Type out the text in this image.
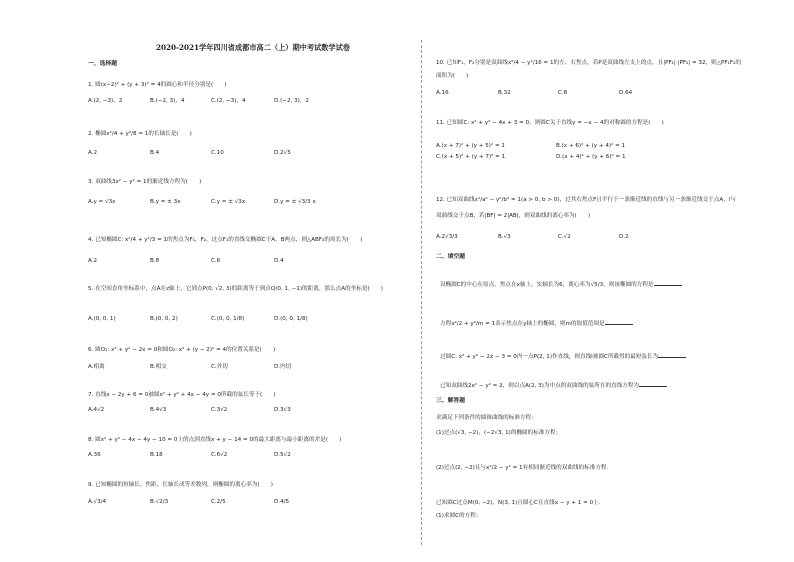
2020-2021学年四川省成都市高二（上）期中考试数学试卷
一、选择题
1. 圆(x−2)² + (y + 3)² = 4的圆心和半径分别是(　　)
A.(2, −3)，2	B.(−2, 3)，4	C.(2, −3)，4	D.(−2, 3)，2
2. 椭圆x²/4 + y²/8 = 1的长轴长是(　　)
A.2	B.4	C.10	D.2√5
3. 双曲线3x² − y² = 1的渐近线方程为(　　)
A.y = √3x	B.y = ± 3x	C.y = ± √3x	D.y = ± √3/3 x
4. 已知椭圆C: x²/4 + y²/3 = 1的焦点为F₁，F₂，过点F₁的直线交椭圆C于A，B两点，则△ABF₂的周长为(　　)
A.2	B.8	C.6	D.4
5. 在空间直角坐标系中，点A在z轴上，它到点P(0, √2, 3)的距离等于到点Q(0, 1, −1)的距离，那么点A的坐标是(　　)
A.(0, 0, 1)	B.(0, 0, 2)	C.(0, 0, 1/8)	D.(0, 0, 1/8)
6. 圆O₁: x² + y² − 2x = 0和圆O₂: x² + (y − 2)² = 4的位置关系是(　　)
A.相离	B.相交	C.外切	D.内切
7. 直线x − 2y + 6 = 0被圆x² + y² + 4x − 4y = 0所截的弦长等于(　　)
A.4√2	B.4√3	C.3√2	D.3√3
8. 圆x² + y² − 4x − 4y − 10 = 0上的点到直线x + y − 14 = 0的最大距离与最小距离的差是(　　)
A.36	B.18	C.6√2	D.5√2
9. 已知椭圆的短轴长、焦距、长轴长成等差数列，则椭圆的离心率为(　　)
A.√3/4	B.√2/3	C.2/5	D.4/5
10. 已知F₁，F₂分别是双曲线x²/4 − y²/16 = 1的左、右焦点，若P是双曲线左支上的点，且|PF₁|·|PF₂| = 32，则△PF₁F₂的
面积为(　　)
A.16	B.32	C.8	D.64
11. 已知圆C: x² + y² − 4x + 3 = 0，则圆C关于直线y = −x − 4的对称圆的方程是(　　)
A.(x + 7)² + (y + 5)² = 1	B.(x + 6)² + (y + 4)² = 1
C.(x + 5)² + (y + 7)² = 1	D.(x + 4)² + (y + 6)² = 1
12. 已知双曲线x²/a² − y²/b² = 1(a > 0, b > 0)，过其右焦点F且平行于一条渐近线的直线与另一条渐近线交于点A，l与
双曲线交于点B，若|BF| = 2|AB|，则双曲线的离心率为(　　)
A.2√3/3	B.√3	C.√2	D.2
二、填空题
设椭圆C的中心在原点，焦点在x轴上，实轴长为6，离心率为√5/3，则该椭圆的方程是
方程x²/2 + y²/m = 1表示焦点在y轴上的椭圆，则m的取值范围是
过圆C: x² + y² − 2x − 3 = 0内一点P(2, 1)作直线，则直线l被圆C所截得的最短弦长为
已知双曲线2x² − y² = 2，则以点A(2, 3)为中点的双曲线的弦所在的直线方程为
三、解答题
求满足下列条件的圆锥曲线的标准方程：
(1)过点(√3, −2)，(−2√3, 1)的椭圆的标准方程；
(2)过点(2, −2)且与x²/2 − y² = 1有相同渐近线的双曲线的标准方程.
已知圆C过点M(0, −2)，N(3, 1)且圆心C在直线x − y + 1 = 0上.
(1)求圆C的方程；
